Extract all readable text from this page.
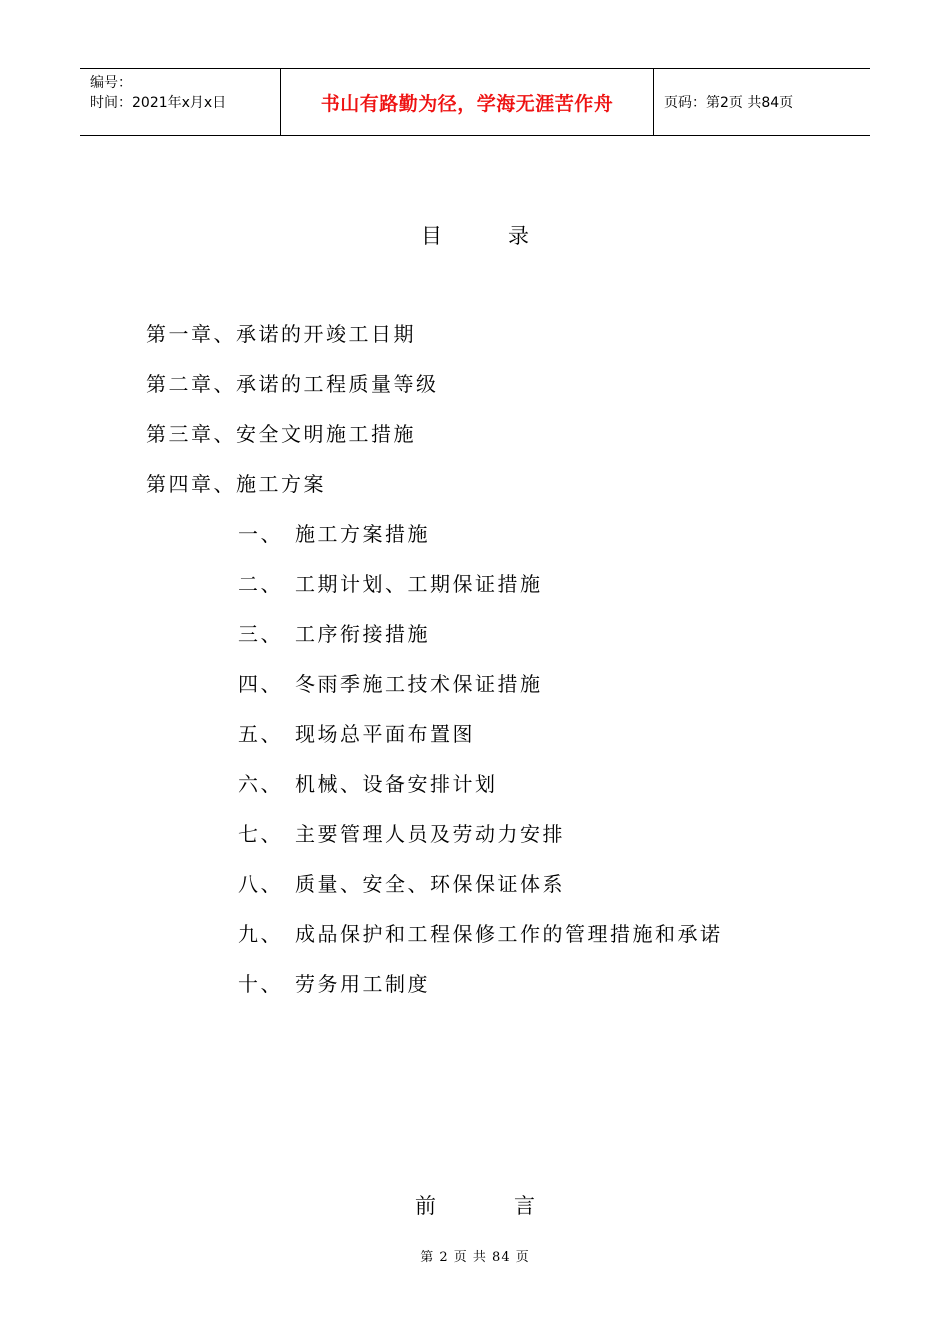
编号：
时间：2021年x月x日	书山有路勤为径，学海无涯苦作舟	页码：第2页 共84页
目录
第一章、承诺的开竣工日期
第二章、承诺的工程质量等级
第三章、安全文明施工措施
第四章、施工方案
一、 施工方案措施
二、 工期计划、工期保证措施
三、 工序衔接措施
四、 冬雨季施工技术保证措施
五、 现场总平面布置图
六、 机械、设备安排计划
七、 主要管理人员及劳动力安排
八、 质量、安全、环保保证体系
九、 成品保护和工程保修工作的管理措施和承诺
十、 劳务用工制度
前言
第 2 页 共 84 页
